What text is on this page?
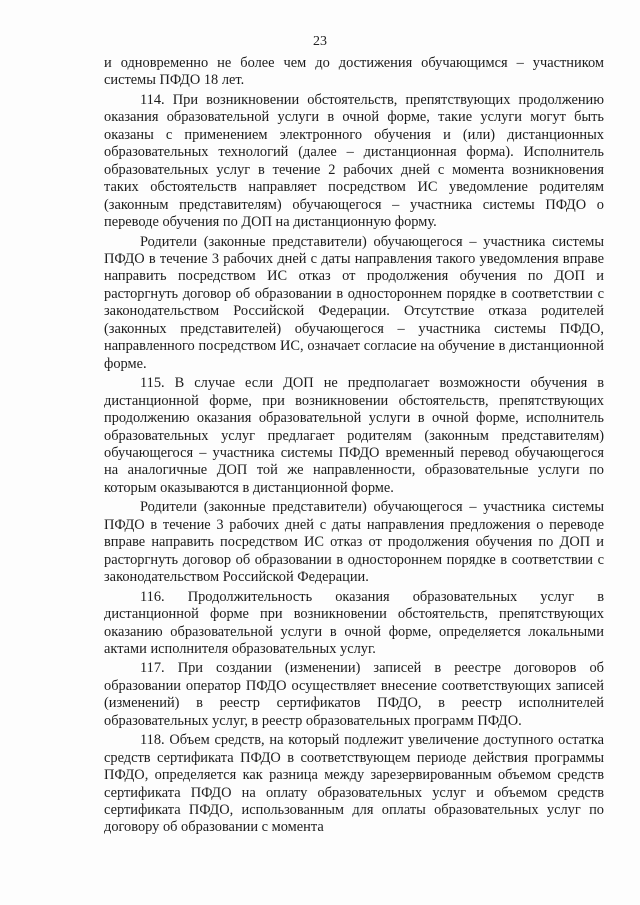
23

и одновременно не более чем до достижения обучающимся – участником системы ПФДО 18 лет.

114. При возникновении обстоятельств, препятствующих продолжению оказания образовательной услуги в очной форме, такие услуги могут быть оказаны с применением электронного обучения и (или) дистанционных образовательных технологий (далее – дистанционная форма). Исполнитель образовательных услуг в течение 2 рабочих дней с момента возникновения таких обстоятельств направляет посредством ИС уведомление родителям (законным представителям) обучающегося – участника системы ПФДО о переводе обучения по ДОП на дистанционную форму.

Родители (законные представители) обучающегося – участника системы ПФДО в течение 3 рабочих дней с даты направления такого уведомления вправе направить посредством ИС отказ от продолжения обучения по ДОП и расторгнуть договор об образовании в одностороннем порядке в соответствии с законодательством Российской Федерации. Отсутствие отказа родителей (законных представителей) обучающегося – участника системы ПФДО, направленного посредством ИС, означает согласие на обучение в дистанционной форме.

115. В случае если ДОП не предполагает возможности обучения в дистанционной форме, при возникновении обстоятельств, препятствующих продолжению оказания образовательной услуги в очной форме, исполнитель образовательных услуг предлагает родителям (законным представителям) обучающегося – участника системы ПФДО временный перевод обучающегося на аналогичные ДОП той же направленности, образовательные услуги по которым оказываются в дистанционной форме.

Родители (законные представители) обучающегося – участника системы ПФДО в течение 3 рабочих дней с даты направления предложения о переводе вправе направить посредством ИС отказ от продолжения обучения по ДОП и расторгнуть договор об образовании в одностороннем порядке в соответствии с законодательством Российской Федерации.

116. Продолжительность оказания образовательных услуг в дистанционной форме при возникновении обстоятельств, препятствующих оказанию образовательной услуги в очной форме, определяется локальными актами исполнителя образовательных услуг.

117. При создании (изменении) записей в реестре договоров об образовании оператор ПФДО осуществляет внесение соответствующих записей (изменений) в реестр сертификатов ПФДО, в реестр исполнителей образовательных услуг, в реестр образовательных программ ПФДО.

118. Объем средств, на который подлежит увеличение доступного остатка средств сертификата ПФДО в соответствующем периоде действия программы ПФДО, определяется как разница между зарезервированным объемом средств сертификата ПФДО на оплату образовательных услуг и объемом средств сертификата ПФДО, использованным для оплаты образовательных услуг по договору об образовании с момента
